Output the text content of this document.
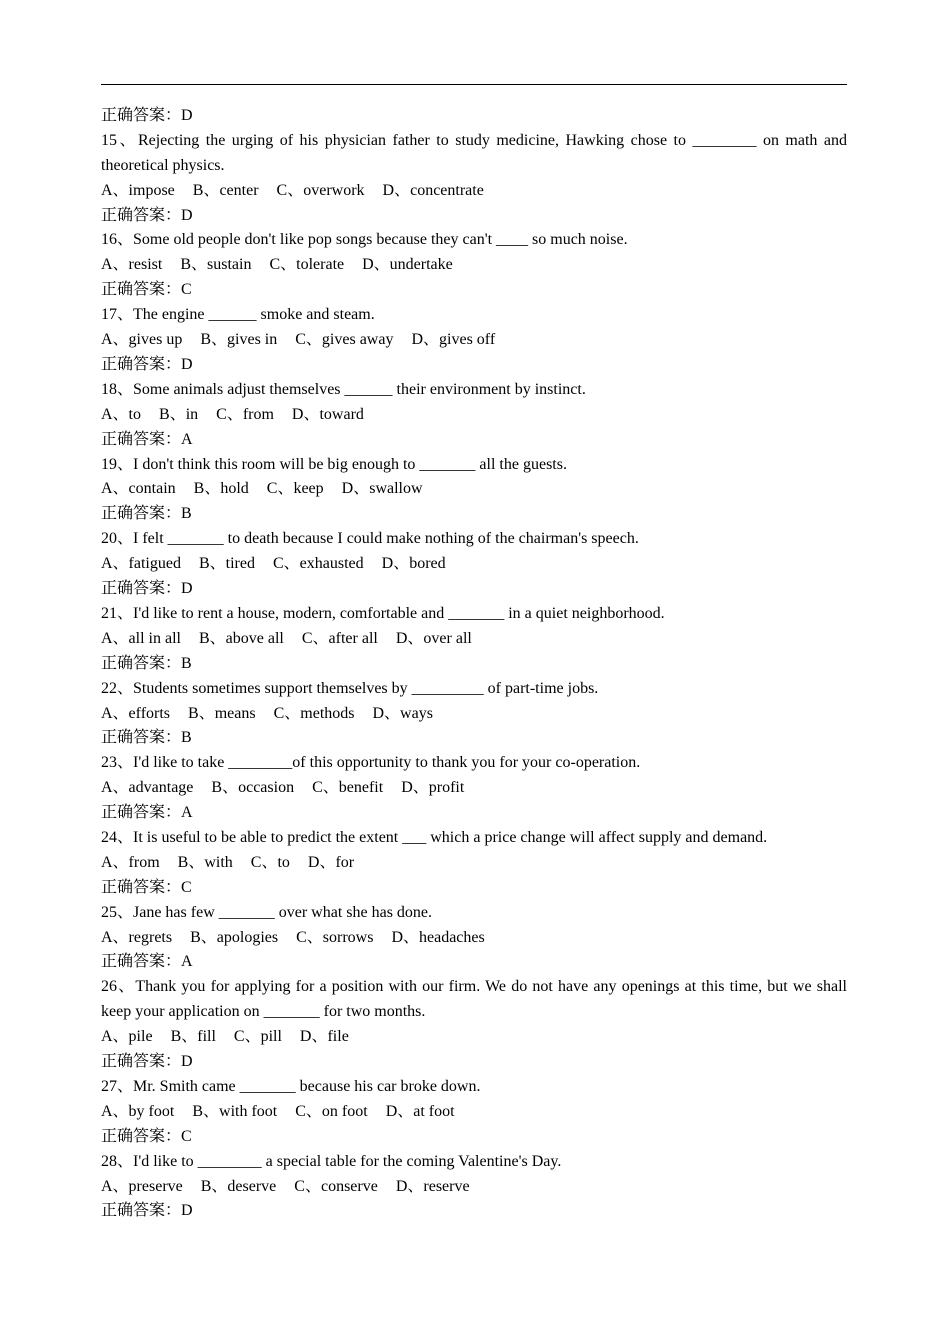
正确答案：D
15、Rejecting the urging of his physician father to study medicine, Hawking chose to ________ on math and theoretical physics.
A、impose B、center C、overwork D、concentrate
正确答案：D
16、Some old people don't like pop songs because they can't ____ so much noise.
A、resist B、sustain C、tolerate D、undertake
正确答案：C
17、The engine ______ smoke and steam.
A、gives up B、gives in C、gives away D、gives off
正确答案：D
18、Some animals adjust themselves ______ their environment by instinct.
A、to B、in C、from D、toward
正确答案：A
19、I don't think this room will be big enough to _______ all the guests.
A、contain B、hold C、keep D、swallow
正确答案：B
20、I felt _______ to death because I could make nothing of the chairman's speech.
A、fatigued B、tired C、exhausted D、bored
正确答案：D
21、I'd like to rent a house, modern, comfortable and _______ in a quiet neighborhood.
A、all in all B、above all C、after all D、over all
正确答案：B
22、Students sometimes support themselves by _________ of part-time jobs.
A、efforts B、means C、methods D、ways
正确答案：B
23、I'd like to take ________of this opportunity to thank you for your co-operation.
A、advantage B、occasion C、benefit D、profit
正确答案：A
24、It is useful to be able to predict the extent ___ which a price change will affect supply and demand.
A、from B、with C、to D、for
正确答案：C
25、Jane has few _______ over what she has done.
A、regrets B、apologies C、sorrows D、headaches
正确答案：A
26、Thank you for applying for a position with our firm. We do not have any openings at this time, but we shall keep your application on _______ for two months.
A、pile B、fill C、pill D、file
正确答案：D
27、Mr. Smith came _______ because his car broke down.
A、by foot B、with foot C、on foot D、at foot
正确答案：C
28、I'd like to ________ a special table for the coming Valentine's Day.
A、preserve B、deserve C、conserve D、reserve
正确答案：D
